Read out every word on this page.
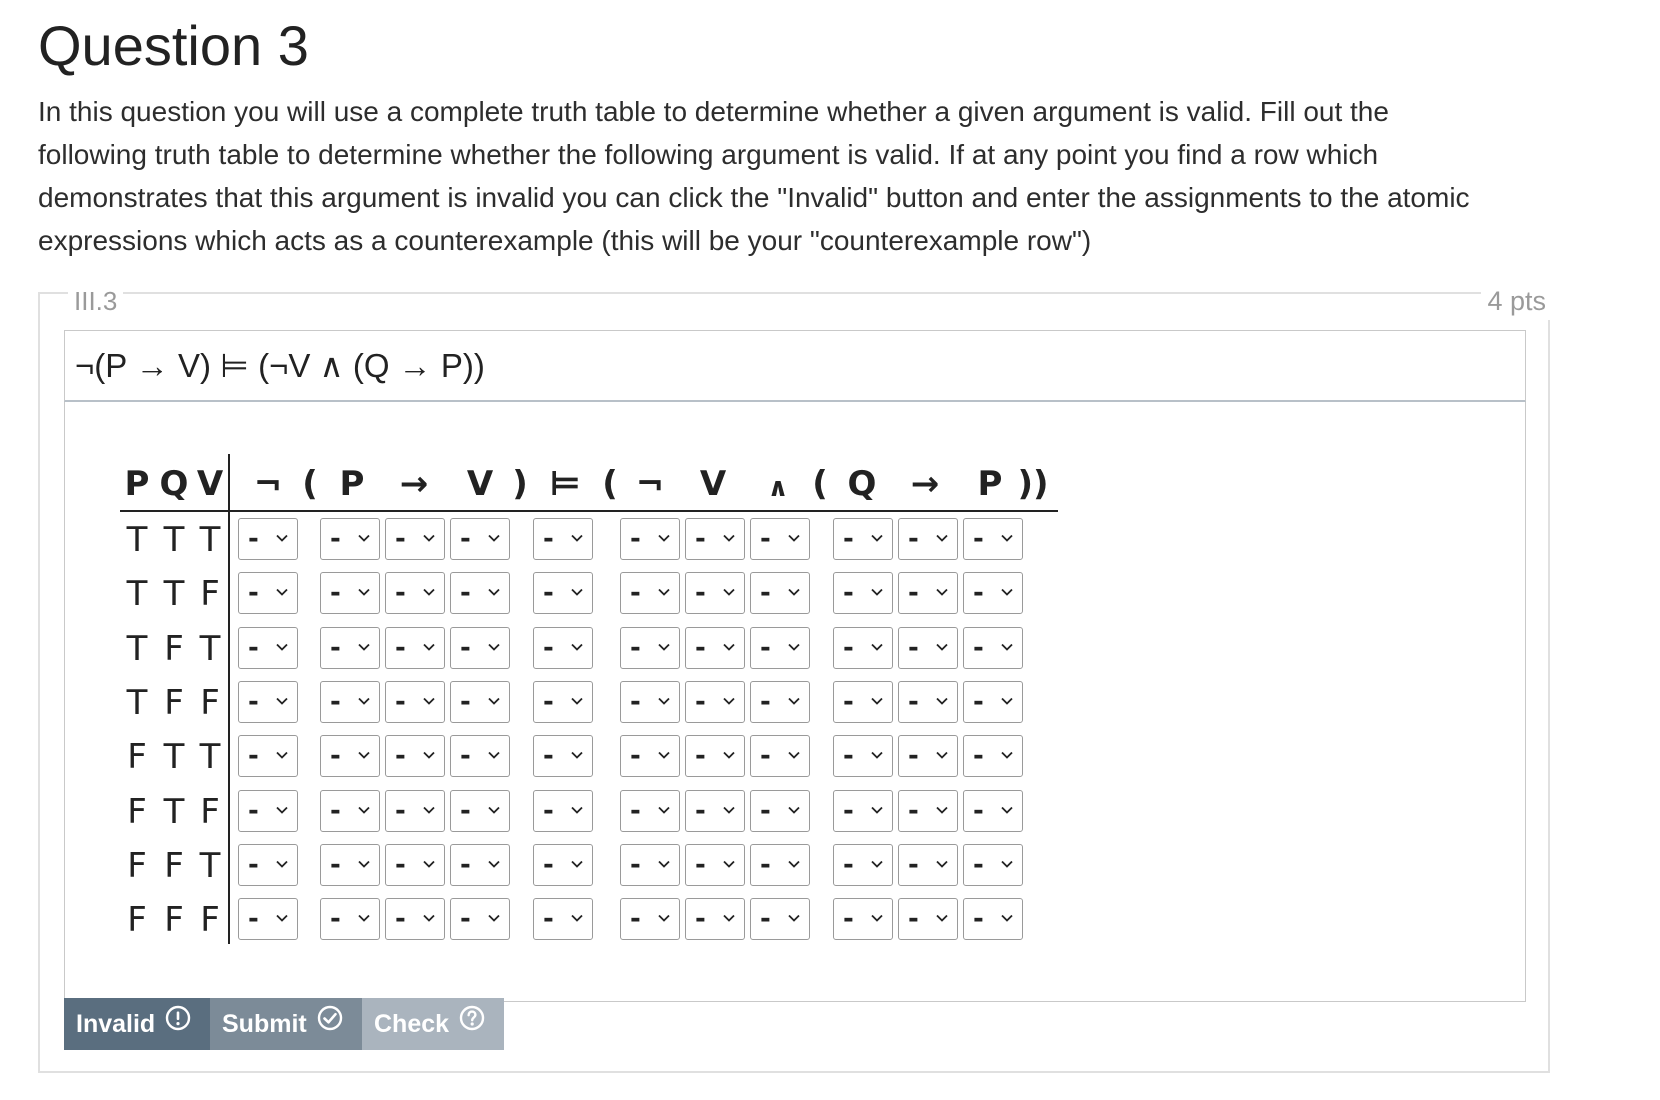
Question 3

In this question you will use a complete truth table to determine whether a given argument is valid. Fill out the following truth table to determine whether the following argument is valid. If at any point you find a row which demonstrates that this argument is invalid you can click the "Invalid" button and enter the assignments to the atomic expressions which acts as a counterexample (this will be your "counterexample row")

III.3	4 pts
¬(P → V) ⊨ (¬V ∧ (Q → P))
P Q V ¬ ( P → V ) ⊨ ( ¬ V ∧ ( Q → P ))
T T T -	- - -	-	- - -	- - -
T T F -	- - -	-	- - -	- - -
T F T -	- - -	-	- - -	- - -
T F F -	- - -	-	- - -	- - -
F T T -	- - -	-	- - -	- - -
F T F -	- - -	-	- - -	- - -
F F T -	- - -	-	- - -	- - -
F F F -	- - -	-	- - -	- - -
Invalid	Submit	Check
